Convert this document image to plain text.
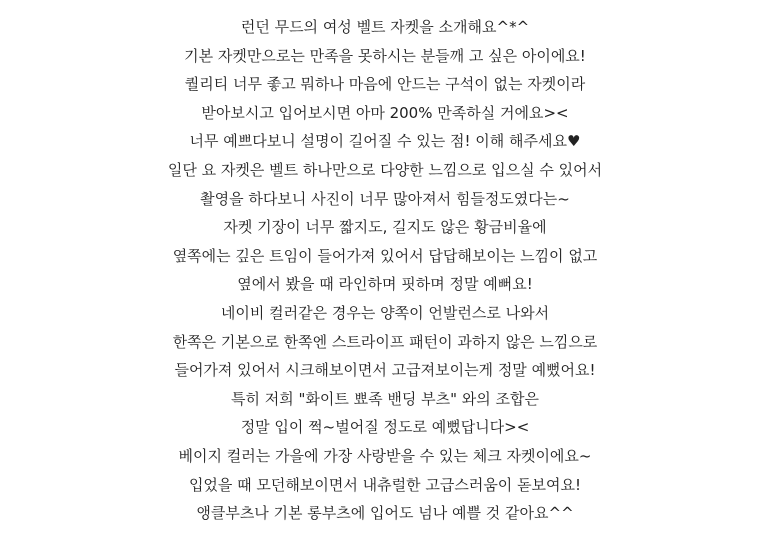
런던 무드의 여성 벨트 자켓을 소개해요^*^

기본 자켓만으로는 만족을 못하시는 분들깨 고 싶은 아이에요!

퀄리티 너무 좋고 뭐하나 마음에 안드는 구석이 없는 자켓이라

받아보시고 입어보시면 아마 200% 만족하실 거에요><

너무 예쁘다보니 설명이 길어질 수 있는 점! 이해 해주세요♥

일단 요 자켓은 벨트 하나만으로 다양한 느낌으로 입으실 수 있어서

촬영을 하다보니 사진이 너무 많아져서 힘들정도였다는~

자켓 기장이 너무 짧지도, 길지도 않은 황금비율에

옆쪽에는 깊은 트임이 들어가져 있어서 답답해보이는 느낌이 없고

옆에서 봤을 때 라인하며 핏하며 정말 예뻐요!

네이비 컬러같은 경우는 양쪽이 언발런스로 나와서

한쪽은 기본으로 한쪽엔 스트라이프 패턴이 과하지 않은 느낌으로

들어가져 있어서 시크해보이면서 고급져보이는게 정말 예뻤어요!

특히 저희 "화이트 뾰족 밴딩 부츠" 와의 조합은

정말 입이 쩍~벌어질 정도로 예뻤답니다><

베이지 컬러는 가을에 가장 사랑받을 수 있는 체크 자켓이에요~

입었을 때 모던해보이면서 내츄럴한 고급스러움이 돋보여요!

앵클부츠나 기본 롱부츠에 입어도 넘나 예쁠 것 같아요^^
